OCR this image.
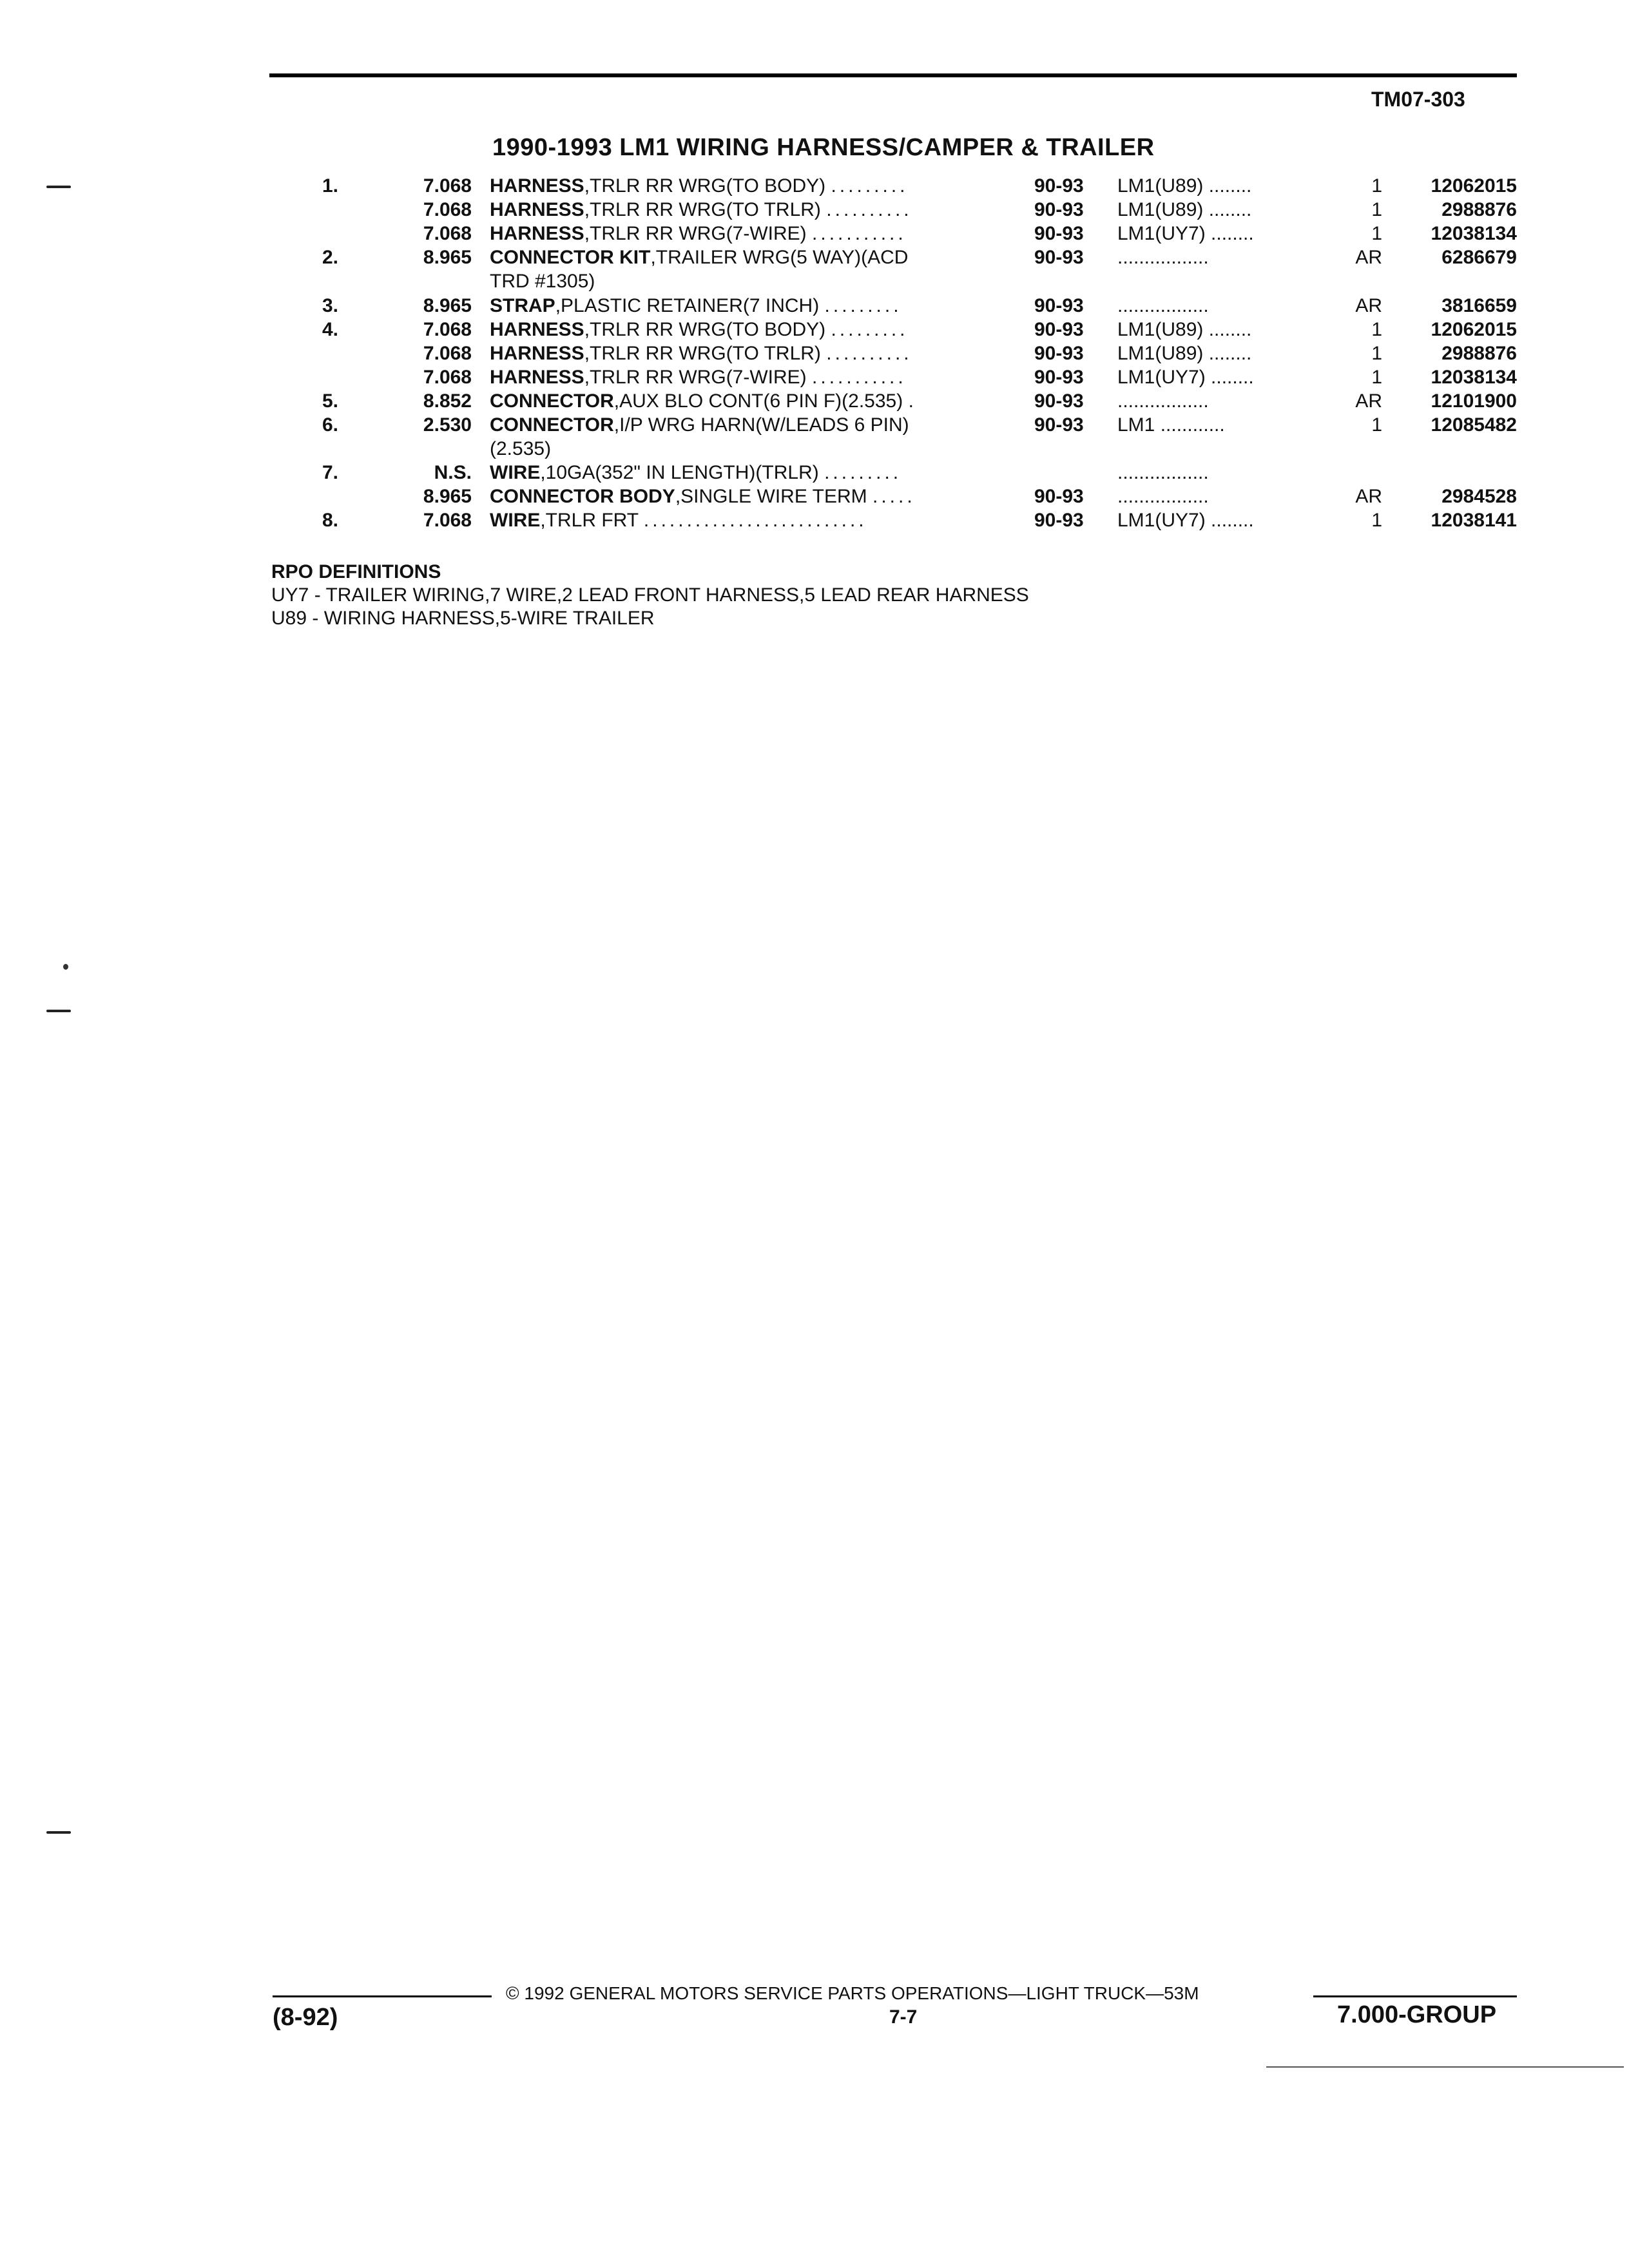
TM07-303
1990-1993 LM1 WIRING HARNESS/CAMPER & TRAILER
1.	7.068 HARNESS,TRLR RR WRG(TO BODY) .........	90-93 LM1(U89) ........	1	12062015
7.068 HARNESS,TRLR RR WRG(TO TRLR) ..........	90-93 LM1(U89) ........	1	2988876
7.068 HARNESS,TRLR RR WRG(7-WIRE) ...........	90-93 LM1(UY7) ........	1	12038134
2.	8.965 CONNECTOR KIT,TRAILER WRG(5 WAY)(ACD	90-93 .................	AR	6286679
TRD #1305)
3.	8.965 STRAP,PLASTIC RETAINER(7 INCH) .........	90-93 .................	AR	3816659
4.	7.068 HARNESS,TRLR RR WRG(TO BODY) .........	90-93 LM1(U89) ........	1	12062015
7.068 HARNESS,TRLR RR WRG(TO TRLR) ..........	90-93 LM1(U89) ........	1	2988876
7.068 HARNESS,TRLR RR WRG(7-WIRE) ...........	90-93 LM1(UY7) ........	1	12038134
5.	8.852 CONNECTOR,AUX BLO CONT(6 PIN F)(2.535) .	90-93 .................	AR	12101900
6.	2.530 CONNECTOR,I/P WRG HARN(W/LEADS 6 PIN)	90-93 LM1 ............	1	12085482
(2.535)
7.	N.S. WIRE,10GA(352" IN LENGTH)(TRLR) .........	.................
8.965 CONNECTOR BODY,SINGLE WIRE TERM .....	90-93 .................	AR	2984528
8.	7.068 WIRE,TRLR FRT ..........................	90-93 LM1(UY7) ........	1	12038141
RPO DEFINITIONS
UY7 - TRAILER WIRING,7 WIRE,2 LEAD FRONT HARNESS,5 LEAD REAR HARNESS
U89 - WIRING HARNESS,5-WIRE TRAILER
© 1992 GENERAL MOTORS SERVICE PARTS OPERATIONS—LIGHT TRUCK—53M
(8-92)	7-7	7.000-GROUP
